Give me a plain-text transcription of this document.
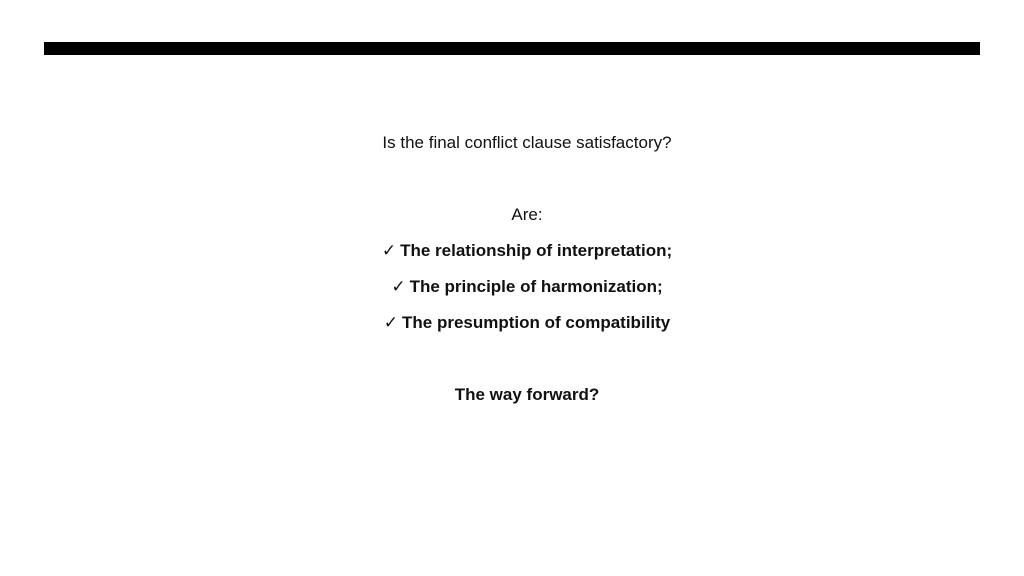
Is the final conflict clause satisfactory?
Are:
✓ The relationship of interpretation;
✓ The principle of harmonization;
✓ The presumption of compatibility
The way forward?
